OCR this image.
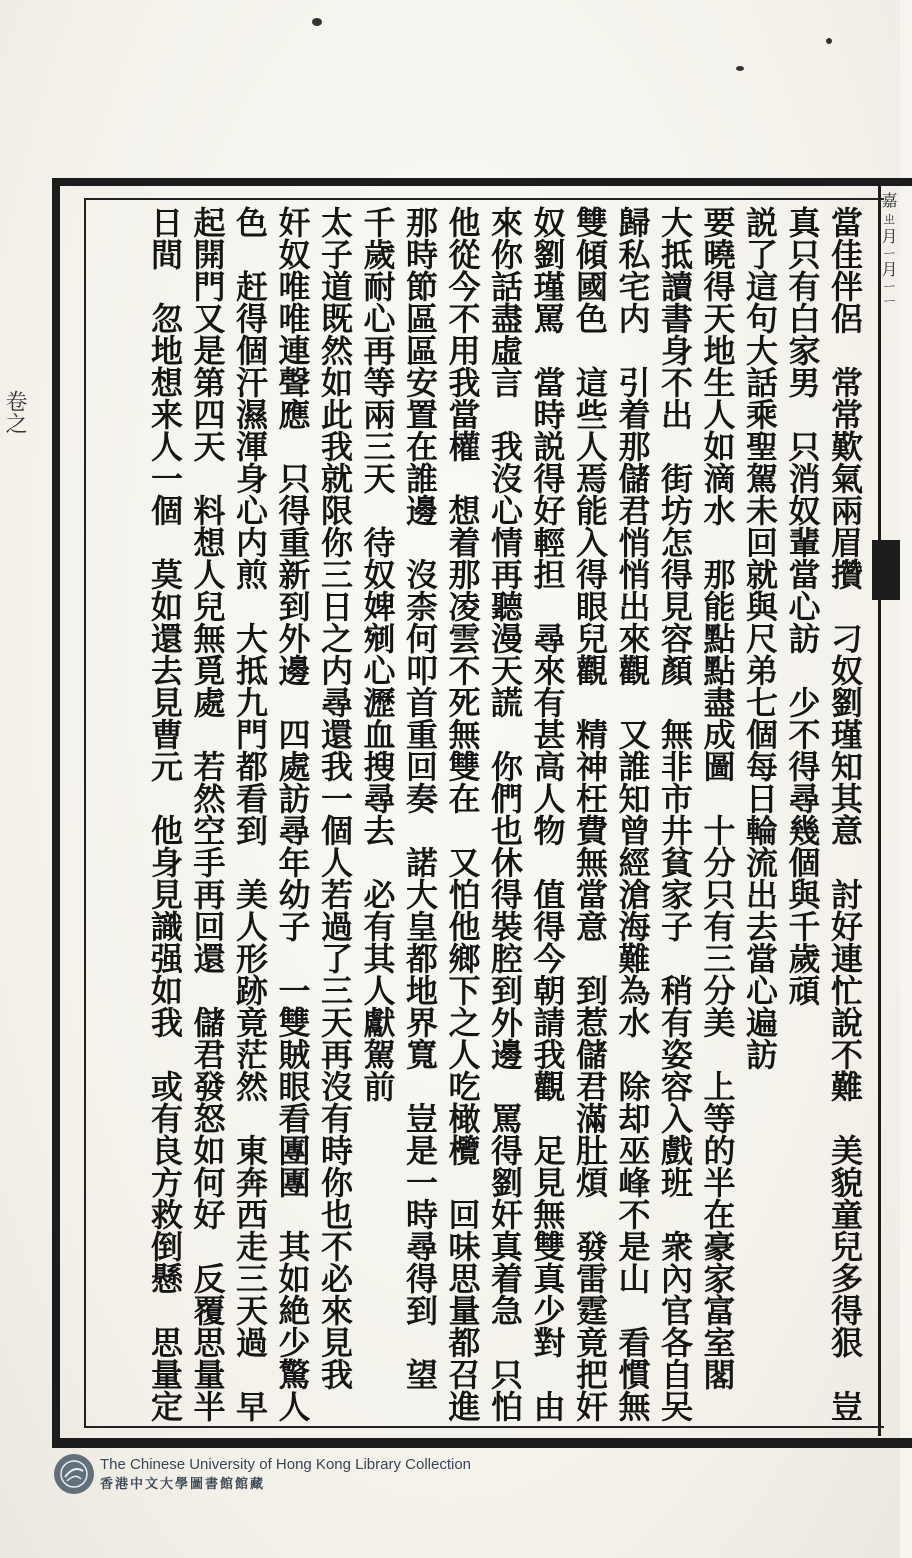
嘉ㄓ月ㄧ月ㄧㄧ
卷之	當佳伴侶　常常歎氣兩眉攢　刁奴劉瑾知其意　討好連忙說不難　美貌童兒多得狠　豈
真只有白家男　只消奴輩當心訪　少不得尋幾個與千歲頑
説了這句大話乘聖駕未回就與尺弟七個每日輪流出去當心遍訪
要曉得天地生人如滴水　那能點點盡成圖　十分只有三分美　上等的半在豪家富室閣
大抵讀書身不出　街坊怎得見容顏　無非市井貧家子　稍有姿容入戲班　衆內官各自㕦
歸私宅内　引着那儲君悄悄出來觀　又誰知曾經滄海難為水　除却巫峰不是山　看慣無
雙傾國色　這些人焉能入得眼兒觀　精神枉費無當意　到惹儲君滿肚煩　發雷霆竟把奸
奴劉瑾罵　當時説得好輕担　尋來有甚高人物　值得今朝請我觀　足見無雙真少對　由
來你話盡虛言　我沒心情再聽漫天謊　你們也休得裝腔到外邊　罵得劉奸真着急　只怕
他從今不用我當權　想着那凌雲不死無雙在　又怕他鄉下之人吃橄欖　回味思量都召進
那時節區區安置在誰邊　沒柰何叩首重回奏　諾大皇都地界寬　豈是一時尋得到　望
千歲耐心再等兩三天　待奴婢剜心瀝血搜尋去　必有其人獻駕前
太子道既然如此我就限你三日之内尋還我一個人若過了三天再沒有時你也不必來見我
奸奴唯唯連聲應　只得重新到外邊　四處訪尋年幼子　一雙賊眼看團團　其如絶少驚人
色　赶得個汗濕渾身心内煎　大抵九門都看到　美人形跡竟茫然　東奔西走三天過　早
起開門又是第四天　料想人兒無覓處　若然空手再回還　儲君發怒如何好　反覆思量半
日間　忽地想来人一個　莫如還去見曹元　他身見識强如我　或有良方救倒懸　思量定
The Chinese University of Hong Kong Library Collection
香港中文大學圖書館館藏
